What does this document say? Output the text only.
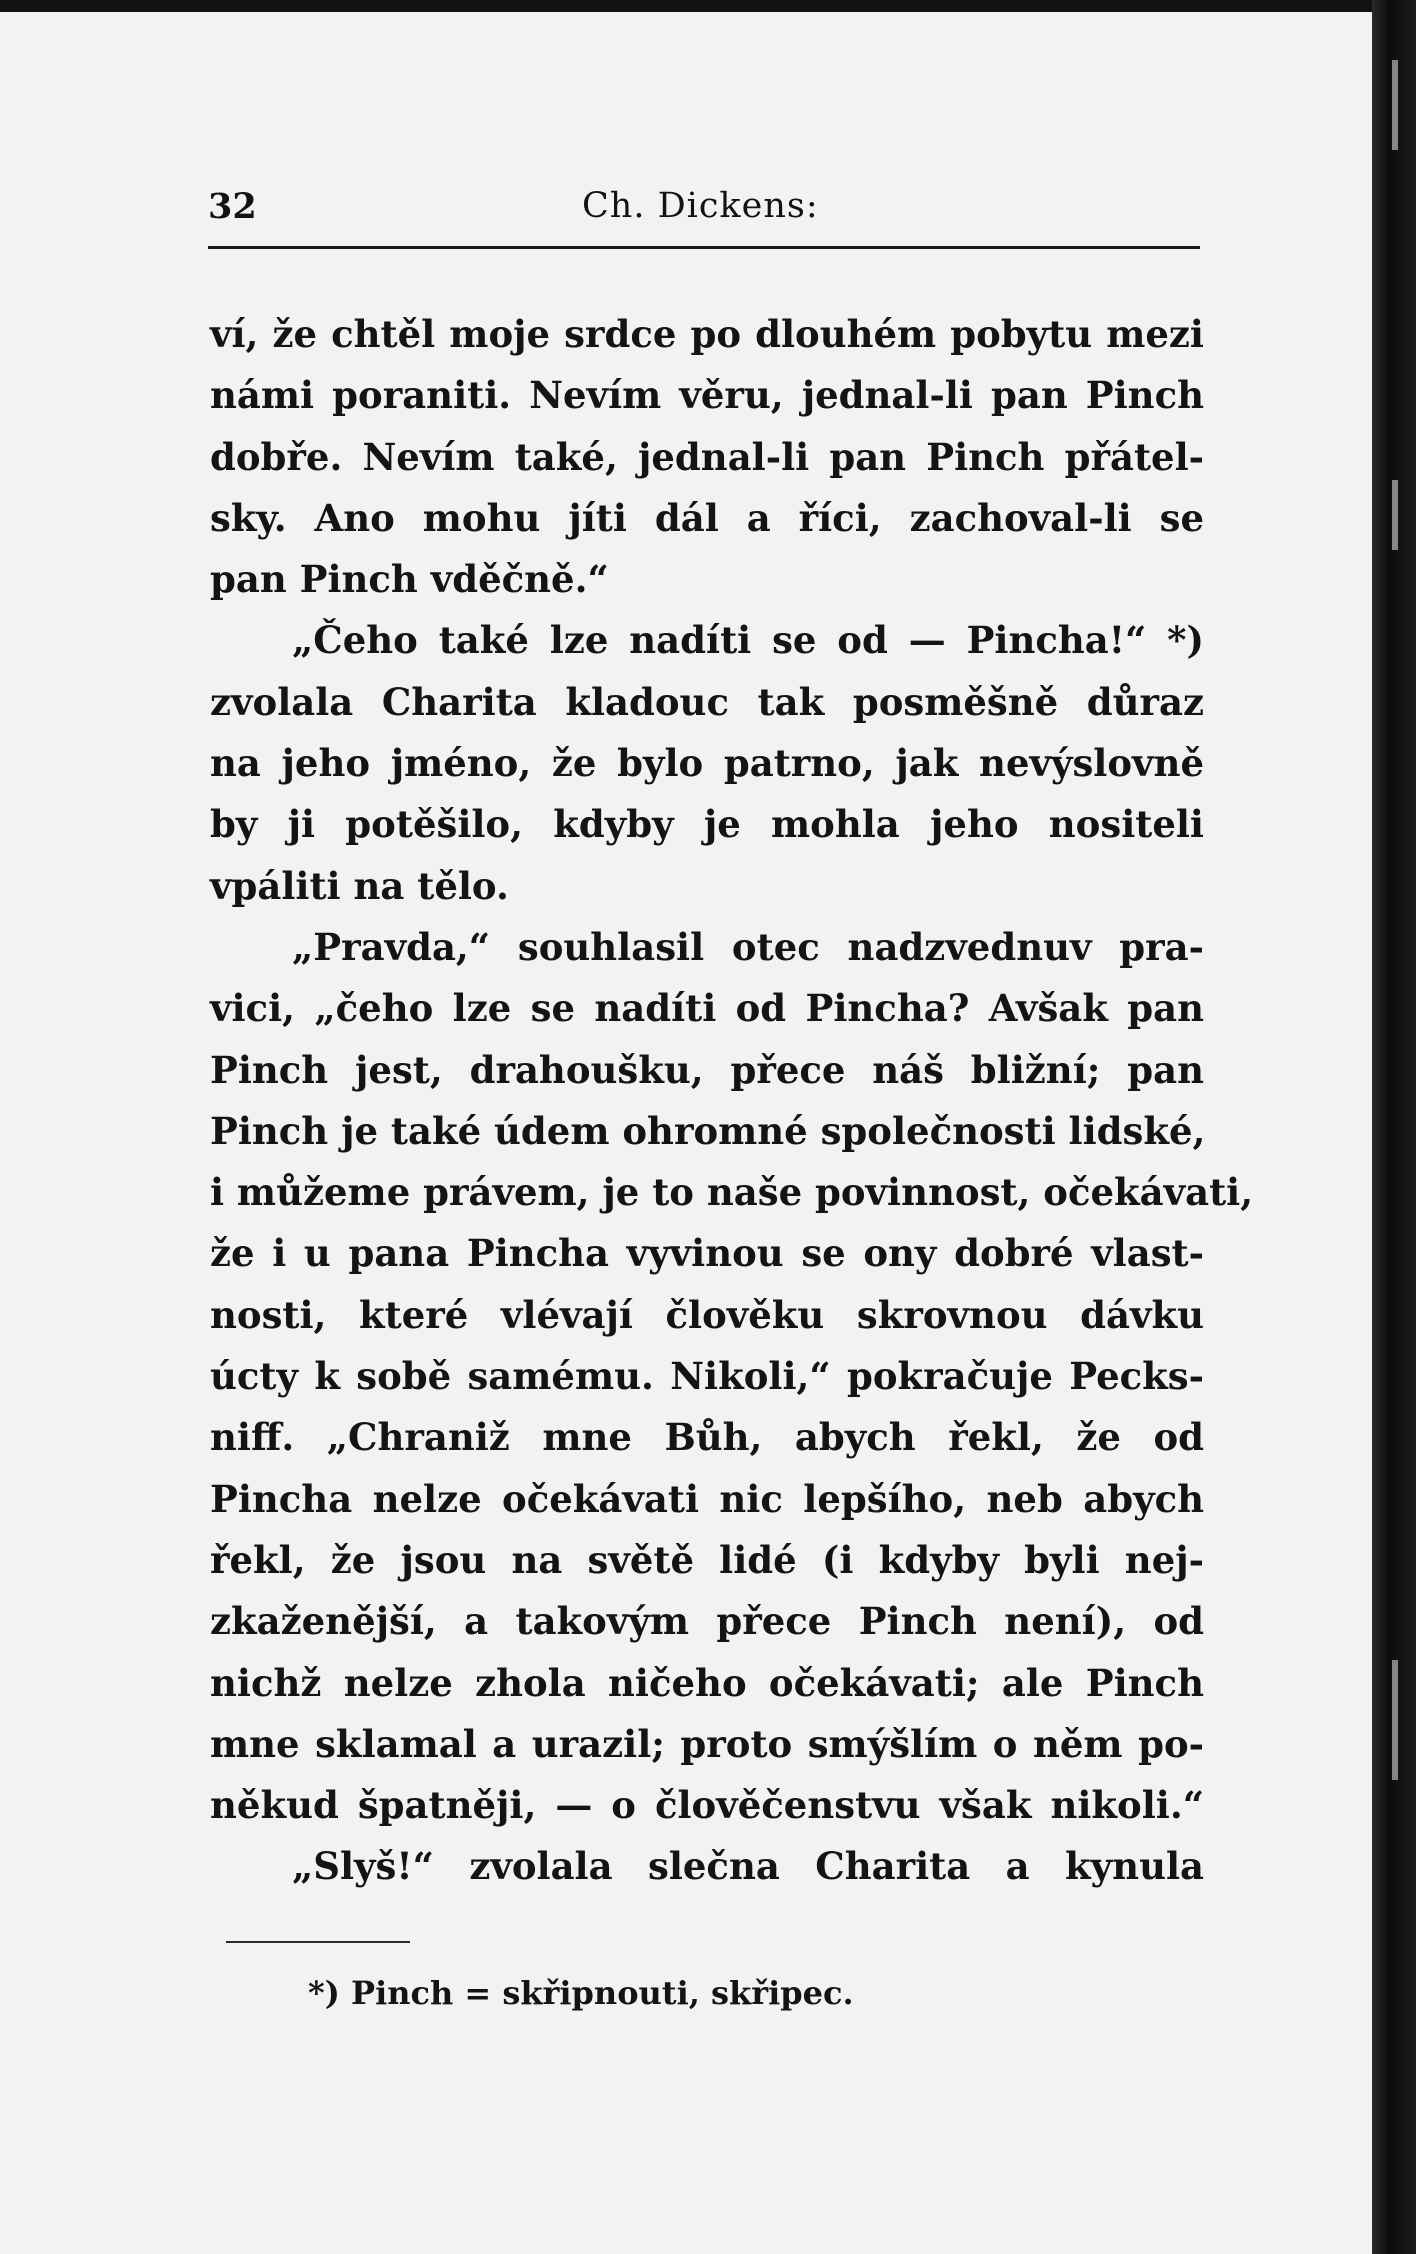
32	Ch. Dickens:
ví, že chtěl moje srdce po dlouhém pobytu mezi
námi poraniti. Nevím věru, jednal-li pan Pinch
dobře. Nevím také, jednal-li pan Pinch přátel-
sky. Ano mohu jíti dál a říci, zachoval-li se
pan Pinch vděčně.“
„Čeho také lze nadíti se od — Pincha!“ *)
zvolala Charita kladouc tak posměšně důraz
na jeho jméno, že bylo patrno, jak nevýslovně
by ji potěšilo, kdyby je mohla jeho nositeli
vpáliti na tělo.
„Pravda,“ souhlasil otec nadzvednuv pra-
vici, „čeho lze se nadíti od Pincha? Avšak pan
Pinch jest, drahoušku, přece náš bližní; pan
Pinch je také údem ohromné společnosti lidské,
i můžeme právem, je to naše povinnost, očekávati,
že i u pana Pincha vyvinou se ony dobré vlast-
nosti, které vlévají člověku skrovnou dávku
úcty k sobě samému. Nikoli,“ pokračuje Pecks-
niff. „Chraniž mne Bůh, abych řekl, že od
Pincha nelze očekávati nic lepšího, neb abych
řekl, že jsou na světě lidé (i kdyby byli nej-
zkaženější, a takovým přece Pinch není), od
nichž nelze zhola ničeho očekávati; ale Pinch
mne sklamal a urazil; proto smýšlím o něm po-
někud špatněji, — o člověčenstvu však nikoli.“
„Slyš!“ zvolala slečna Charita a kynula
*) Pinch = skřipnouti, skřipec.
